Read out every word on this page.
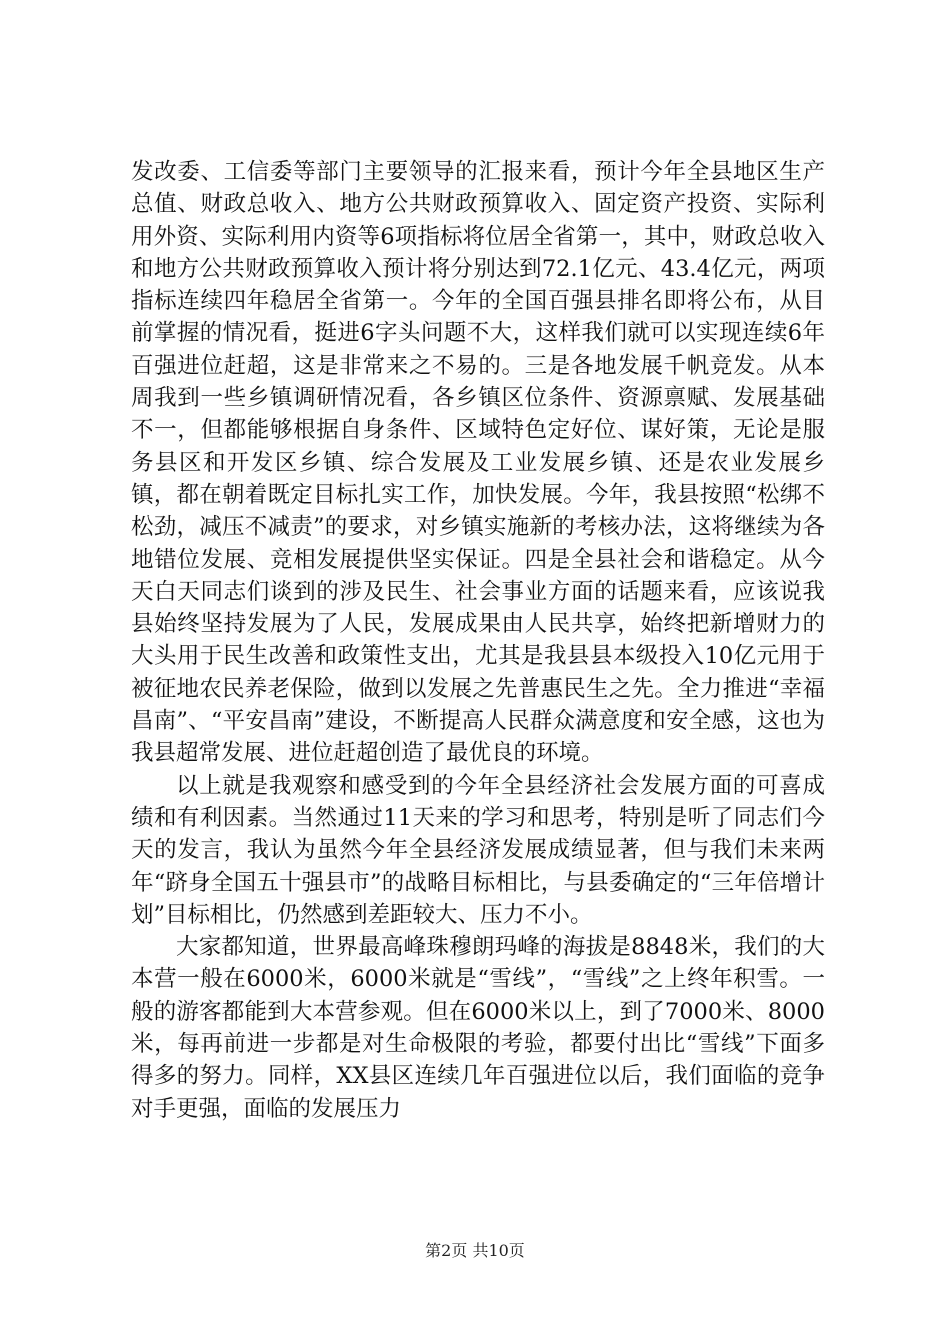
发改委、工信委等部门主要领导的汇报来看，预计今年全县地区生产总值、财政总收入、地方公共财政预算收入、固定资产投资、实际利用外资、实际利用内资等6项指标将位居全省第一，其中，财政总收入和地方公共财政预算收入预计将分别达到72.1亿元、43.4亿元，两项指标连续四年稳居全省第一。今年的全国百强县排名即将公布，从目前掌握的情况看，挺进6字头问题不大，这样我们就可以实现连续6年百强进位赶超，这是非常来之不易的。三是各地发展千帆竞发。从本周我到一些乡镇调研情况看，各乡镇区位条件、资源禀赋、发展基础不一，但都能够根据自身条件、区域特色定好位、谋好策，无论是服务县区和开发区乡镇、综合发展及工业发展乡镇、还是农业发展乡镇，都在朝着既定目标扎实工作，加快发展。今年，我县按照“松绑不松劲，减压不减责”的要求，对乡镇实施新的考核办法，这将继续为各地错位发展、竞相发展提供坚实保证。四是全县社会和谐稳定。从今天白天同志们谈到的涉及民生、社会事业方面的话题来看，应该说我县始终坚持发展为了人民，发展成果由人民共享，始终把新增财力的大头用于民生改善和政策性支出，尤其是我县县本级投入10亿元用于被征地农民养老保险，做到以发展之先普惠民生之先。全力推进“幸福昌南”、“平安昌南”建设，不断提高人民群众满意度和安全感，这也为我县超常发展、进位赶超创造了最优良的环境。

以上就是我观察和感受到的今年全县经济社会发展方面的可喜成绩和有利因素。当然通过11天来的学习和思考，特别是听了同志们今天的发言，我认为虽然今年全县经济发展成绩显著，但与我们未来两年“跻身全国五十强县市”的战略目标相比，与县委确定的“三年倍增计划”目标相比，仍然感到差距较大、压力不小。

大家都知道，世界最高峰珠穆朗玛峰的海拔是8848米，我们的大本营一般在6000米，6000米就是“雪线”，“雪线”之上终年积雪。一般的游客都能到大本营参观。但在6000米以上，到了7000米、8000米，每再前进一步都是对生命极限的考验，都要付出比“雪线”下面多得多的努力。同样，XX县区连续几年百强进位以后，我们面临的竞争对手更强，面临的发展压力

第2页 共10页
